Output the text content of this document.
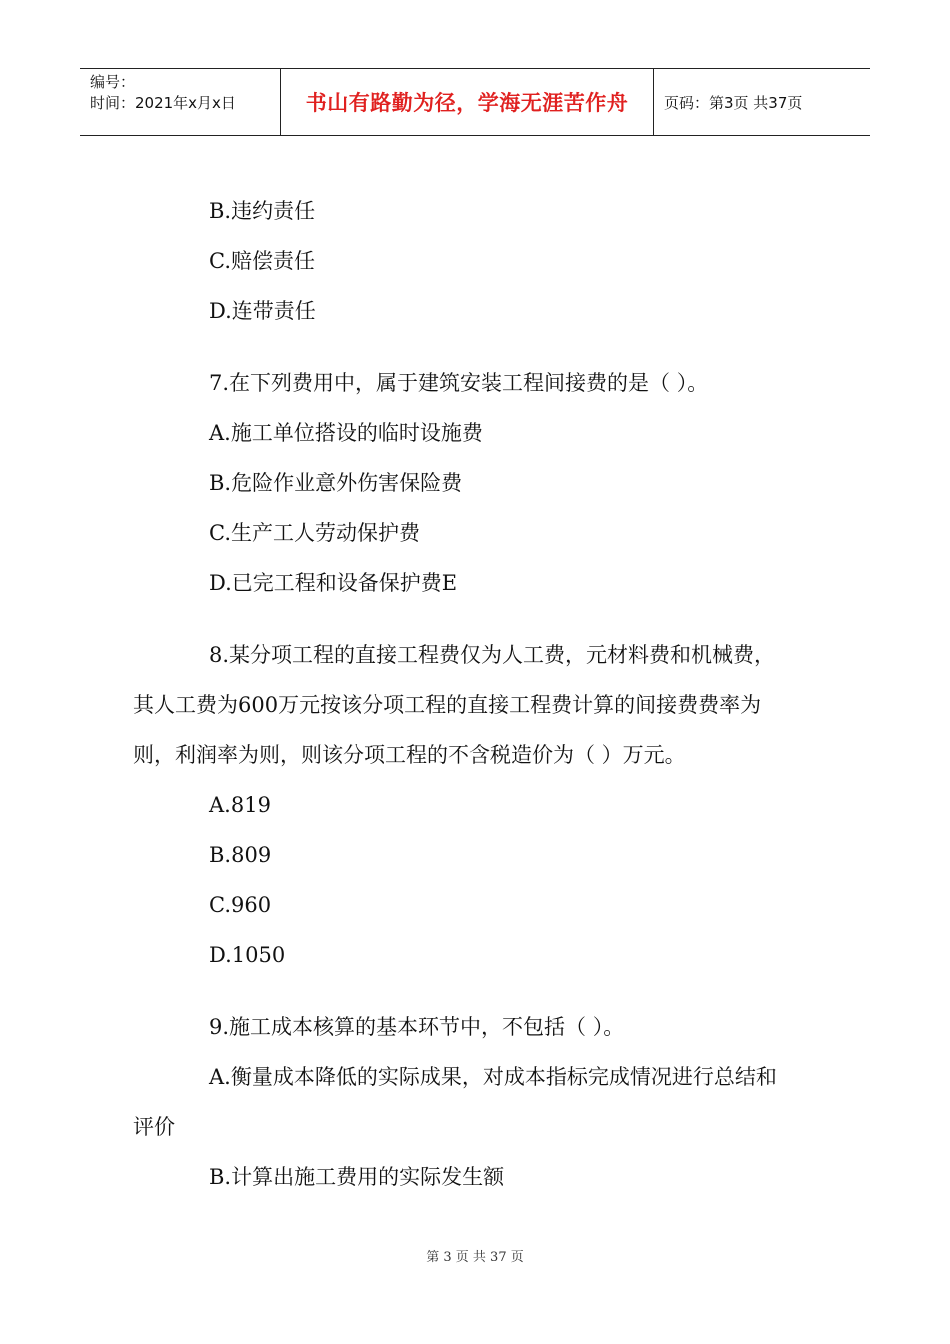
编号：
时间：2021年x月x日	书山有路勤为径，学海无涯苦作舟	页码：第3页 共37页
B.违约责任
C.赔偿责任
D.连带责任
7.在下列费用中，属于建筑安装工程间接费的是（ ）。
A.施工单位搭设的临时设施费
B.危险作业意外伤害保险费
C.生产工人劳动保护费
D.已完工程和设备保护费E
8.某分项工程的直接工程费仅为人工费，元材料费和机械费，
其人工费为600万元按该分项工程的直接工程费计算的间接费费率为
则，利润率为则，则该分项工程的不含税造价为（ ）万元。
A.819
B.809
C.960
D.1050
9.施工成本核算的基本环节中，不包括（ ）。
A.衡量成本降低的实际成果，对成本指标完成情况进行总结和
评价
B.计算出施工费用的实际发生额
第 3 页 共 37 页
